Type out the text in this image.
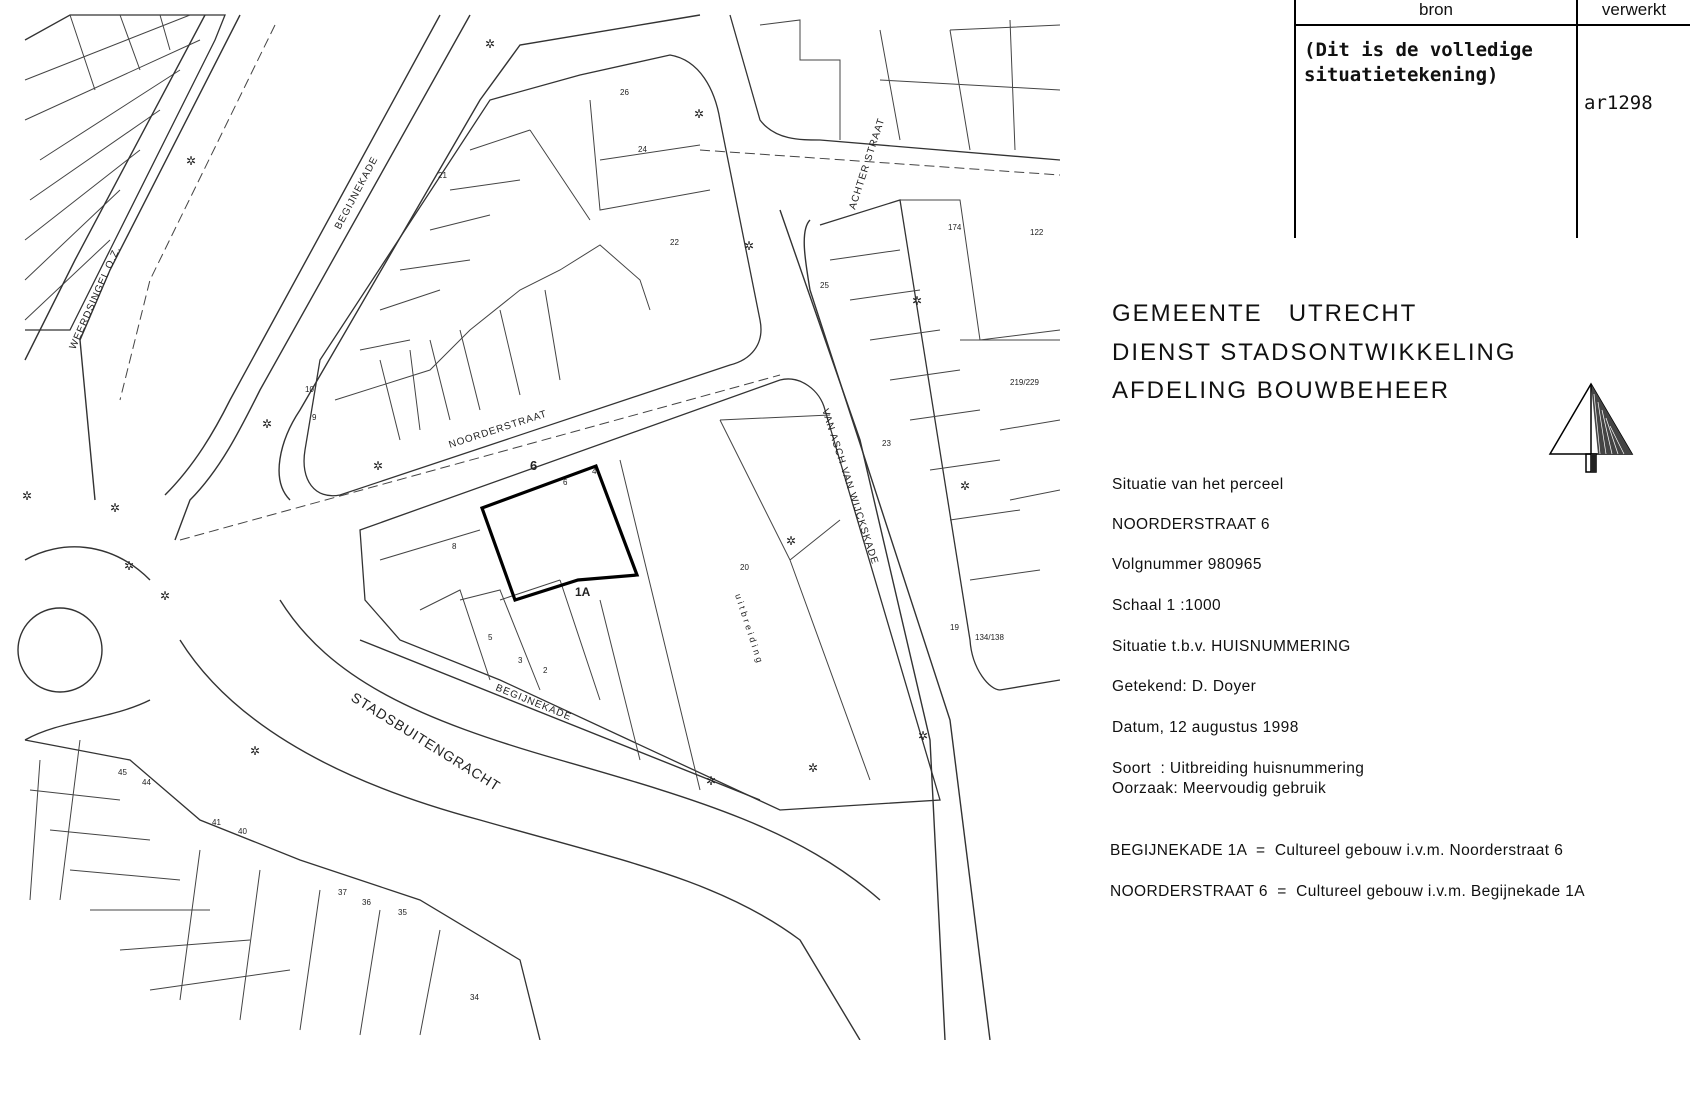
✲
✲
✲
✲
✲
✲
✲
✲
✲
✲
✲
✲
✲
✲
✲
✲
✲
NOORDERSTRAAT
BEGIJNEKADE
BEGIJNEKADE
WEERDSINGEL O.Z.
STADSBUITENGRACHT
VAN ASCH VAN WIJCKSKADE
ACHTER STRAAT
6
1A
4
8
6
20
19
23
25
22
24
26
10
9
21
5
3
2
45
44
41
40
37
36
35
34
174
122
219/229
134/138
uitbreiding
bron	verwerkt
(Dit is de volledige
situatietekening)
ar1298
GEMEENTE   UTRECHT
DIENST STADSONTWIKKELING
AFDELING BOUWBEHEER
Situatie van het perceel
NOORDERSTRAAT 6
Volgnummer 980965
Schaal 1 :1000
Situatie t.b.v. HUISNUMMERING
Getekend: D. Doyer
Datum, 12 augustus 1998
Soort  : Uitbreiding huisnummering
Oorzaak: Meervoudig gebruik
BEGIJNEKADE 1A  =  Cultureel gebouw i.v.m. Noorderstraat 6
NOORDERSTRAAT 6  =  Cultureel gebouw i.v.m. Begijnekade 1A
